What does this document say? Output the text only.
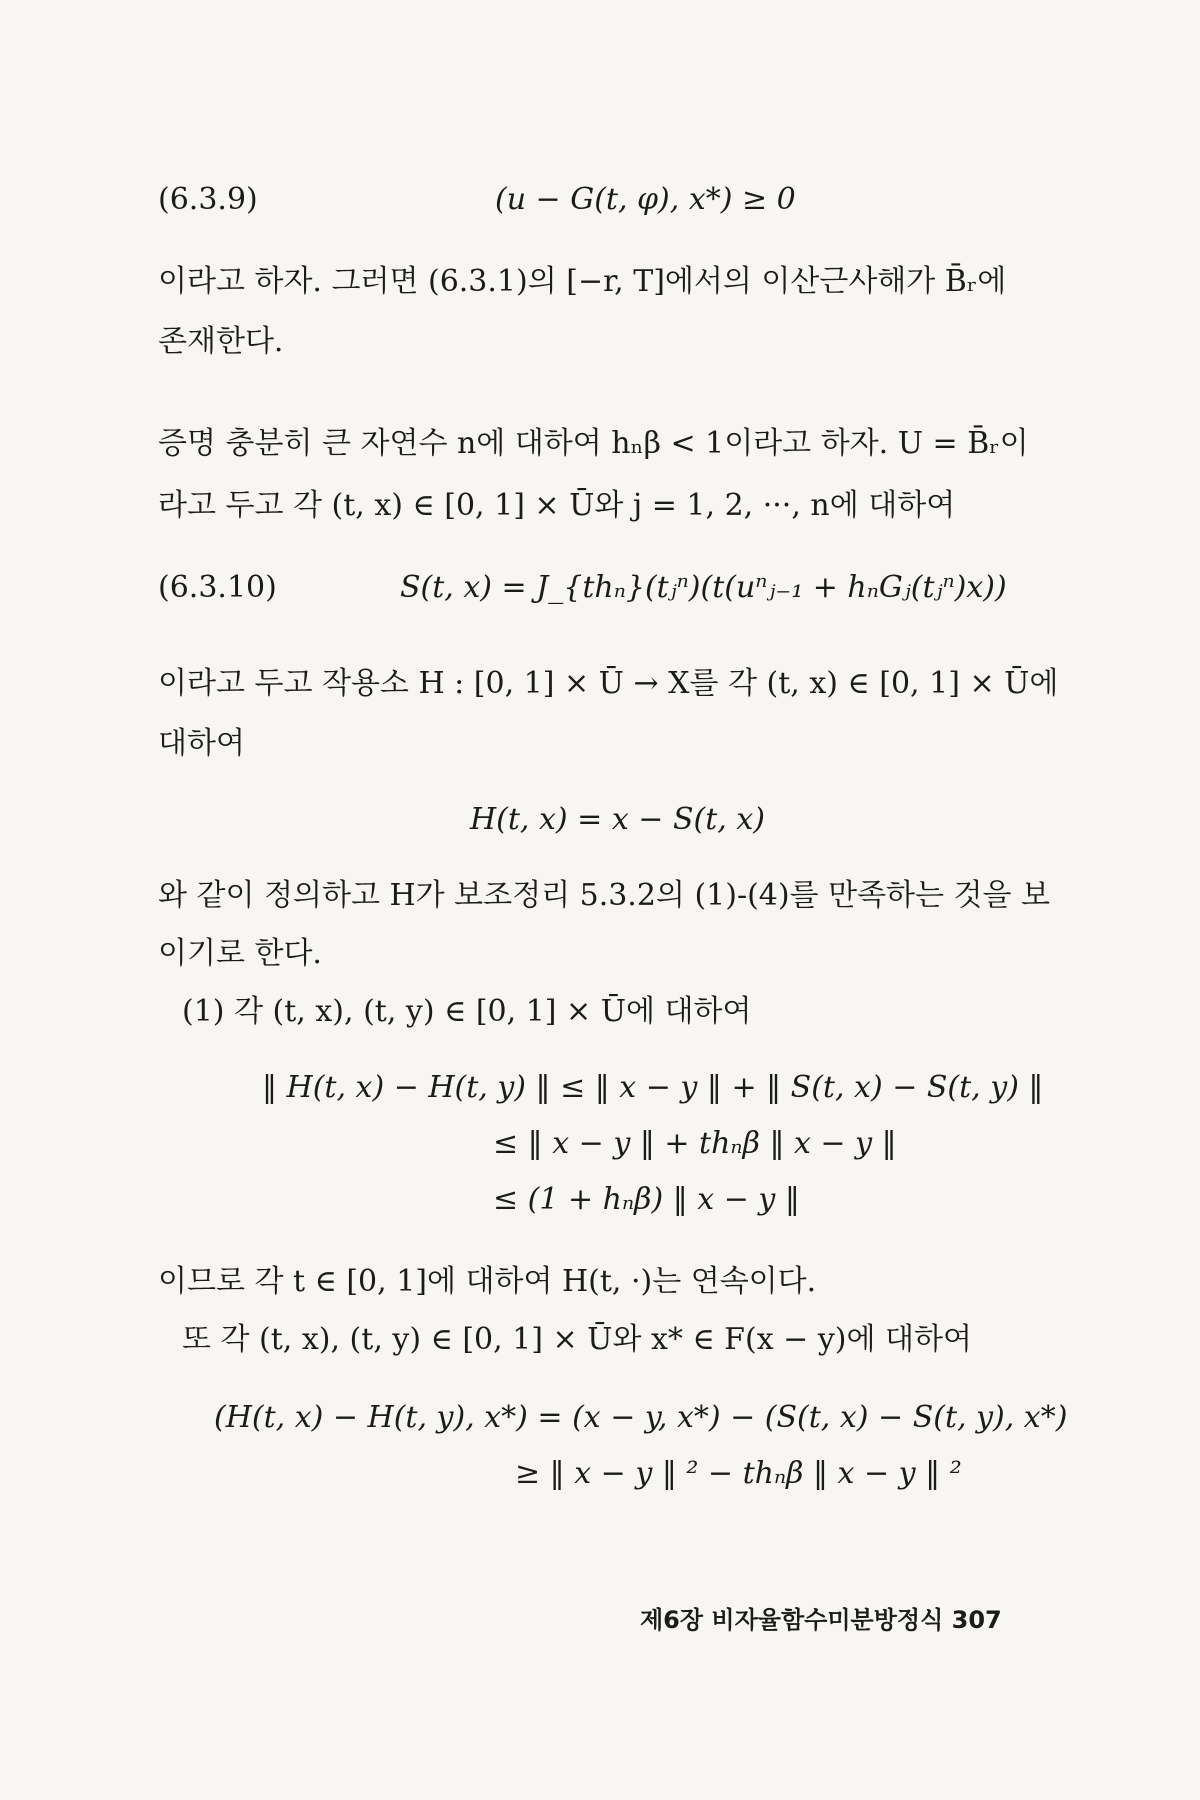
(6.3.9)	(u − G(t, φ), x*) ≥ 0
이라고 하자. 그러면 (6.3.1)의 [−r, T]에서의 이산근사해가 B̄ᵣ에
존재한다.
증명 충분히 큰 자연수 n에 대하여 hₙβ < 1이라고 하자. U = B̄ᵣ이
라고 두고 각 (t, x) ∈ [0, 1] × Ū와 j = 1, 2, ···, n에 대하여
(6.3.10)	S(t, x) = J_{thₙ}(tⱼⁿ)(t(uⁿⱼ₋₁ + hₙGⱼ(tⱼⁿ)x))
이라고 두고 작용소 H : [0, 1] × Ū → X를 각 (t, x) ∈ [0, 1] × Ū에
대하여
H(t, x) = x − S(t, x)
와 같이 정의하고 H가 보조정리 5.3.2의 (1)-(4)를 만족하는 것을 보
이기로 한다.
(1) 각 (t, x), (t, y) ∈ [0, 1] × Ū에 대하여
‖ H(t, x) − H(t, y) ‖ ≤ ‖ x − y ‖ + ‖ S(t, x) − S(t, y) ‖
≤ ‖ x − y ‖ + thₙβ ‖ x − y ‖
≤ (1 + hₙβ) ‖ x − y ‖
이므로 각 t ∈ [0, 1]에 대하여 H(t, ·)는 연속이다.
또 각 (t, x), (t, y) ∈ [0, 1] × Ū와 x* ∈ F(x − y)에 대하여
(H(t, x) − H(t, y), x*) = (x − y, x*) − (S(t, x) − S(t, y), x*)
≥ ‖ x − y ‖ ² − thₙβ ‖ x − y ‖ ²
제6장 비자율함수미분방정식 307
